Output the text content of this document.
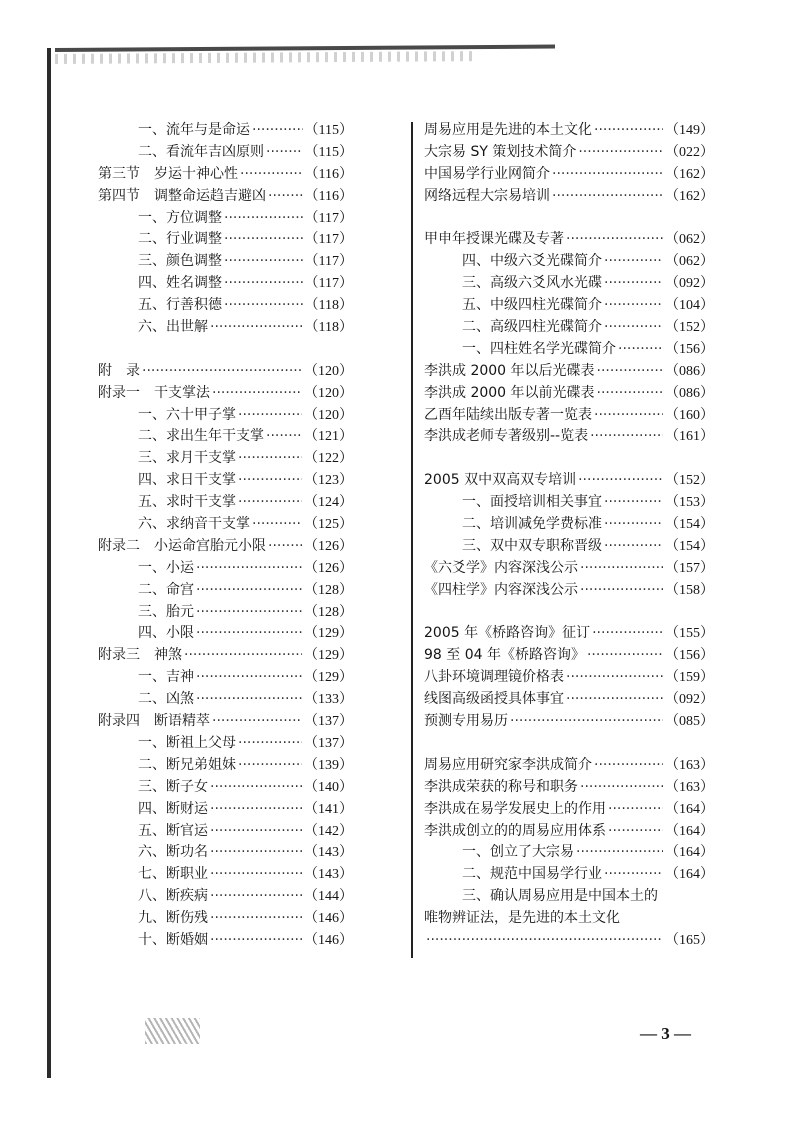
一、流年与是命运 ·····	（115）
二、看流年吉凶原则 ·····	（115）
第三节　岁运十神心性 ·····	（116）
第四节　调整命运趋吉避凶 ·····	（116）
一、方位调整 ·····	（117）
二、行业调整 ·····	（117）
三、颜色调整 ·····	（117）
四、姓名调整 ·····	（117）
五、行善积德 ·····	（118）
六、出世解 ·····	（118）
附　录 ·····	（120）
附录一　干支掌法 ·····	（120）
一、六十甲子掌 ·····	（120）
二、求出生年干支掌 ·····	（121）
三、求月干支掌 ·····	（122）
四、求日干支掌 ·····	（123）
五、求时干支掌 ·····	（124）
六、求纳音干支掌 ·····	（125）
附录二　小运命宫胎元小限 ·····	（126）
一、小运 ·····	（126）
二、命宫 ·····	（128）
三、胎元 ·····	（128）
四、小限 ·····	（129）
附录三　神煞 ·····	（129）
一、吉神 ·····	（129）
二、凶煞 ·····	（133）
附录四　断语精萃 ·····	（137）
一、断祖上父母 ·····	（137）
二、断兄弟姐妹 ·····	（139）
三、断子女 ·····	（140）
四、断财运 ·····	（141）
五、断官运 ·····	（142）
六、断功名 ·····	（143）
七、断职业 ·····	（143）
八、断疾病 ·····	（144）
九、断伤残 ·····	（146）
十、断婚姻 ·····	（146）
周易应用是先进的本土文化 ·····	（149）
大宗易 SY 策划技术简介 ·····	（022）
中国易学行业网简介 ·····	（162）
网络远程大宗易培训 ·····	（162）
甲申年授课光碟及专著 ·····	（062）
四、中级六爻光碟简介 ·····	（062）
三、高级六爻风水光碟 ·····	（092）
五、中级四柱光碟简介 ·····	（104）
二、高级四柱光碟简介 ·····	（152）
一、四柱姓名学光碟简介 ·····	（156）
李洪成 2000 年以后光碟表 ·····	（086）
李洪成 2000 年以前光碟表 ·····	（086）
乙酉年陆续出版专著一览表 ·····	（160）
李洪成老师专著级别--览表 ·····	（161）
2005 双中双高双专培训 ·····	（152）
一、面授培训相关事宜 ·····	（153）
二、培训减免学费标准 ·····	（154）
三、双中双专职称晋级 ·····	（154）
《六爻学》内容深浅公示 ·····	（157）
《四柱学》内容深浅公示 ·····	（158）
2005 年《桥路咨询》征订 ·····	（155）
98 至 04 年《桥路咨询》 ·····	（156）
八卦环境调理镜价格表 ·····	（159）
线图高级函授具体事宜 ·····	（092）
预测专用易历 ·····	（085）
周易应用研究家李洪成简介 ·····	（163）
李洪成荣获的称号和职务 ·····	（163）
李洪成在易学发展史上的作用 ·····	（164）
李洪成创立的的周易应用体系 ·····	（164）
一、创立了大宗易 ·····	（164）
二、规范中国易学行业 ·····	（164）
三、确认周易应用是中国本土的
唯物辨证法，是先进的本土文化
·····
（165）
— 3 —
